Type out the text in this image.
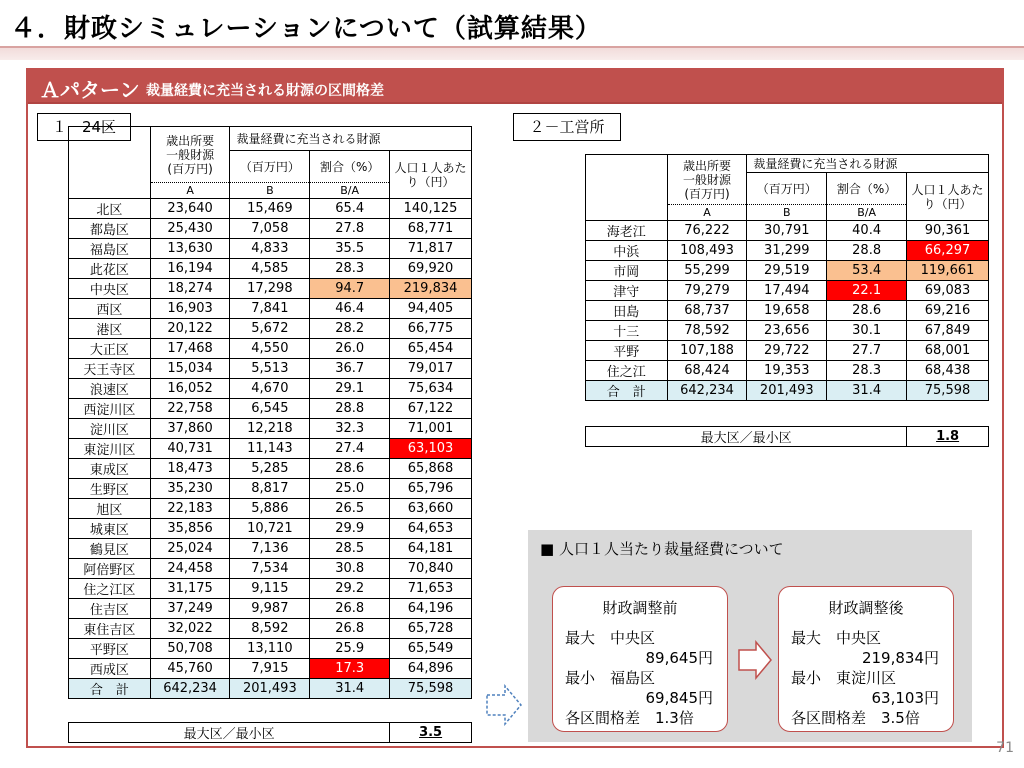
４．財政シミュレーションについて（試算結果）
Ａパターン 裁量経費に充当される財源の区間格差
１－24区

	歳出所要
一般財源
(百万円)	裁量経費に充当される財源		
		（百万円）	割合（%）	人口１人あた
り（円）

	A	B	B/A	
北区	23,640	15,469	65.4	140,125
都島区	25,430	7,058	27.8	68,771
福島区	13,630	4,833	35.5	71,817
此花区	16,194	4,585	28.3	69,920
中央区	18,274	17,298	94.7	219,834
西区	16,903	7,841	46.4	94,405
港区	20,122	5,672	28.2	66,775
大正区	17,468	4,550	26.0	65,454
天王寺区	15,034	5,513	36.7	79,017
浪速区	16,052	4,670	29.1	75,634
西淀川区	22,758	6,545	28.8	67,122
淀川区	37,860	12,218	32.3	71,001
東淀川区	40,731	11,143	27.4	63,103
東成区	18,473	5,285	28.6	65,868
生野区	35,230	8,817	25.0	65,796
旭区	22,183	5,886	26.5	63,660
城東区	35,856	10,721	29.9	64,653
鶴見区	25,024	7,136	28.5	64,181
阿倍野区	24,458	7,534	30.8	70,840
住之江区	31,175	9,115	29.2	71,653
住吉区	37,249	9,987	26.8	64,196
東住吉区	32,022	8,592	26.8	65,728
平野区	50,708	13,110	25.9	65,549
西成区	45,760	7,915	17.3	64,896
合　計	642,234	201,493	31.4	75,598
最大区／最小区	3.5
２－工営所

	歳出所要
一般財源
(百万円)	裁量経費に充当される財源		
		（百万円）	割合（%）	人口１人あた
り（円）

	A	B	B/A	
海老江	76,222	30,791	40.4	90,361
中浜	108,493	31,299	28.8	66,297
市岡	55,299	29,519	53.4	119,661
津守	79,279	17,494	22.1	69,083
田島	68,737	19,658	28.6	69,216
十三	78,592	23,656	30.1	67,849
平野	107,188	29,722	27.7	68,001
住之江	68,424	19,353	28.3	68,438
合　計	642,234	201,493	31.4	75,598
最大区／最小区	1.8
■ 人口１人当たり裁量経費について
財政調整前
最大　中央区
89,645円
最小　福島区
69,845円
各区間格差　1.3倍
財政調整後
最大　中央区
219,834円
最小　東淀川区
63,103円
各区間格差　3.5倍
71
